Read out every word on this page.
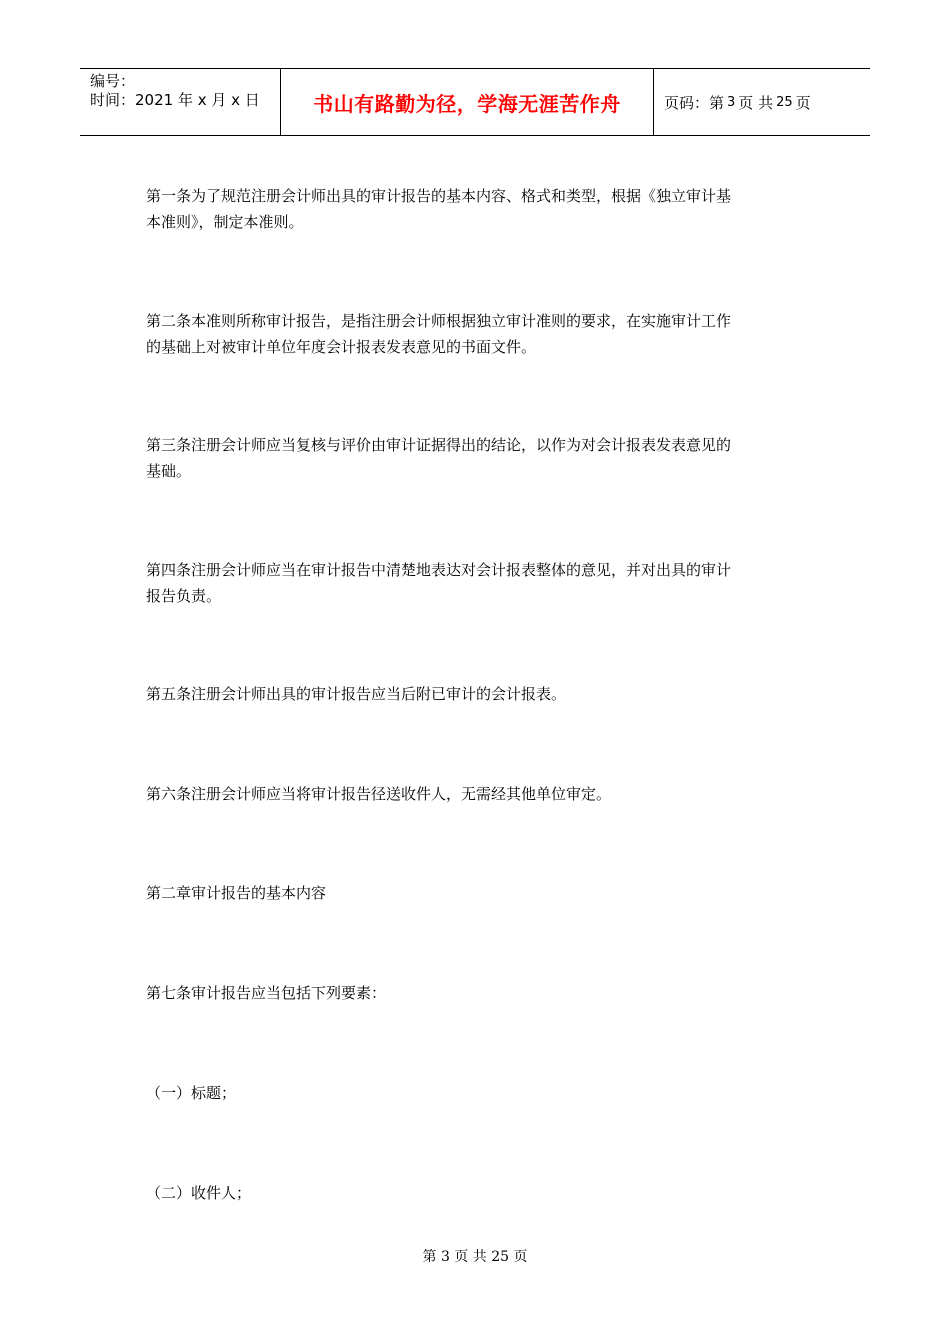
编号：
时间：2021 年 x 月 x 日	书山有路勤为径，学海无涯苦作舟	页码：第 3 页 共 25 页

第一条为了规范注册会计师出具的审计报告的基本内容、格式和类型，根据《独立审计基
本准则》，制定本准则。

第二条本准则所称审计报告，是指注册会计师根据独立审计准则的要求，在实施审计工作
的基础上对被审计单位年度会计报表发表意见的书面文件。

第三条注册会计师应当复核与评价由审计证据得出的结论，以作为对会计报表发表意见的
基础。

第四条注册会计师应当在审计报告中清楚地表达对会计报表整体的意见，并对出具的审计
报告负责。

第五条注册会计师出具的审计报告应当后附已审计的会计报表。

第六条注册会计师应当将审计报告径送收件人，无需经其他单位审定。

第二章审计报告的基本内容

第七条审计报告应当包括下列要素：

（一）标题；

（二）收件人；

第 3 页 共 25 页
